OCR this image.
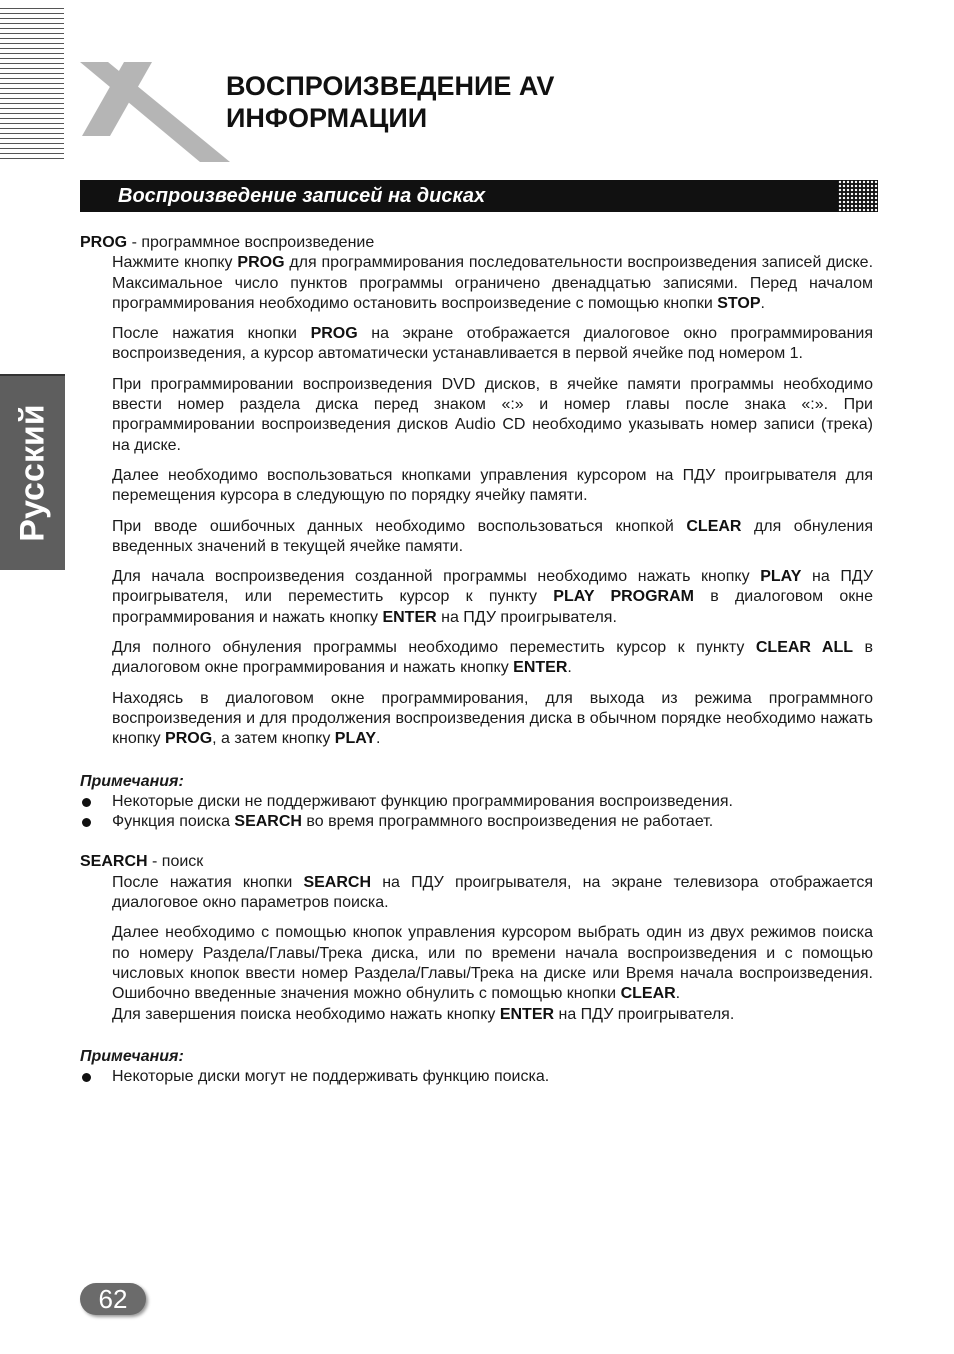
ВОСПРОИЗВЕДЕНИЕ AV
ИНФОРМАЦИИ
Русский
Воспроизведение записей на дисках

PROG - программное воспроизведение

Нажмите кнопку PROG для программирования последовательности воспроизведения записей диске. Максимальное число пунктов программы ограничено двенадцатью записями. Перед началом программирования необходимо остановить воспроизведение с помощью кнопки STOP.

После нажатия кнопки PROG на экране отображается диалоговое окно программирования воспроизведения, а курсор автоматически устанавливается в первой ячейке под номером 1.

При программировании воспроизведения DVD дисков, в ячейке памяти программы необходимо ввести номер раздела диска перед знаком «:» и номер главы после знака «:». При программировании воспроизведения дисков Audio CD необходимо указывать номер записи (трека) на диске.

Далее необходимо воспользоваться кнопками управления курсором на ПДУ проигрывателя для перемещения курсора в следующую по порядку ячейку памяти.

При вводе ошибочных данных необходимо воспользоваться кнопкой CLEAR для обнуления введенных значений в текущей ячейке памяти.

Для начала воспроизведения созданной программы необходимо нажать кнопку PLAY на ПДУ проигрывателя, или переместить курсор к пункту PLAY PROGRAM в диалоговом окне программирования и нажать кнопку ENTER на ПДУ проигрывателя.

Для полного обнуления программы необходимо переместить курсор к пункту CLEAR ALL в диалоговом окне программирования и нажать кнопку ENTER.

Находясь в диалоговом окне программирования, для выхода из режима программного воспроизведения и для продолжения воспроизведения диска в обычном порядке необходимо нажать кнопку PROG, а затем кнопку PLAY.

Примечания:

Некоторые диски не поддерживают функцию программирования воспроизведения.

Функция поиска SEARCH во время программного воспроизведения не работает.

SEARCH - поиск

После нажатия кнопки SEARCH на ПДУ проигрывателя, на экране телевизора отображается диалоговое окно параметров поиска.

Далее необходимо с помощью кнопок управления курсором выбрать один из двух режимов поиска по номеру Раздела/Главы/Трека диска, или по времени начала воспроизведения и с помощью числовых кнопок ввести номер Раздела/Главы/Трека на диске или Время начала воспроизведения. Ошибочно введенные значения можно обнулить с помощью кнопки CLEAR.

Для завершения поиска необходимо нажать кнопку ENTER на ПДУ проигрывателя.

Примечания:

Некоторые диски могут не поддерживать функцию поиска.

62
